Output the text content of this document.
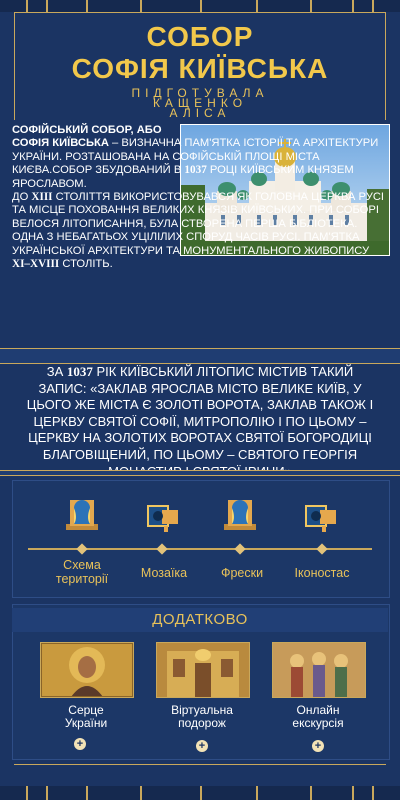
СОБОР
СОФІЯ КИЇВСЬКА
ПІДГОТУВАЛА
КАЩЕНКО
АЛІСА
СОФІЙСЬКИЙ СОБОР, АБО
СОФІЯ КИЇВСЬКА – ВИЗНАЧНА ПАМ'ЯТКА ІСТОРІЇ ТА АРХІТЕКТУРИ УКРАЇНИ. РОЗТАШОВАНА НА СОФІЙСЬКІЙ ПЛОЩІ МІСТА КИЄВА.СОБОР ЗБУДОВАНИЙ В 1037 РОЦІ КИЇВСЬКИМ КНЯЗЕМ ЯРОСЛАВОМ.
ДО XIII СТОЛІТТЯ ВИКОРИСТОВУВАВСЯ ЯК ГОЛОВНА ЦЕРКВА РУСІ ТА МІСЦЕ ПОХОВАННЯ ВЕЛИКИХ КНЯЗІВ КИЇВСЬКИХ. ПРИ СОБОРІ ВЕЛОСЯ ЛІТОПИСАННЯ, БУЛА СТВОРЕНА ПЕРША БІБЛІОТЕКА. ОДНА З НЕБАГАТЬОХ УЦІЛІЛИХ СПОРУД ЧАСІВ РУСІ. ПАМ'ЯТКА УКРАЇНСЬКОЇ АРХІТЕКТУРИ ТА МОНУМЕНТАЛЬНОГО ЖИВОПИСУ XI–XVIII СТОЛІТЬ.
ЗА 1037 РІК КИЇВСЬКИЙ ЛІТОПИС МІСТИВ ТАКИЙ ЗАПИС: «ЗАКЛАВ ЯРОСЛАВ МІСТО ВЕЛИКЕ КИЇВ, У ЦЬОГО ЖЕ МІСТА Є ЗОЛОТІ ВОРОТА, ЗАКЛАВ ТАКОЖ І ЦЕРКВУ СВЯТОЇ СОФІЇ, МИТРОПОЛІЮ І ПО ЦЬОМУ – ЦЕРКВУ НА ЗОЛОТИХ ВОРОТАХ СВЯТОЇ БОГОРОДИЦІ БЛАГОВІЩЕНИЙ, ПО ЦЬОМУ – СВЯТОГО ГЕОРГІЯ
Схема
території	Мозаїка	Фрески	Іконостас
ДОДАТКОВО
Серце
України
Віртуальна
подорож
Онлайн
екскурсія
+	+	+
